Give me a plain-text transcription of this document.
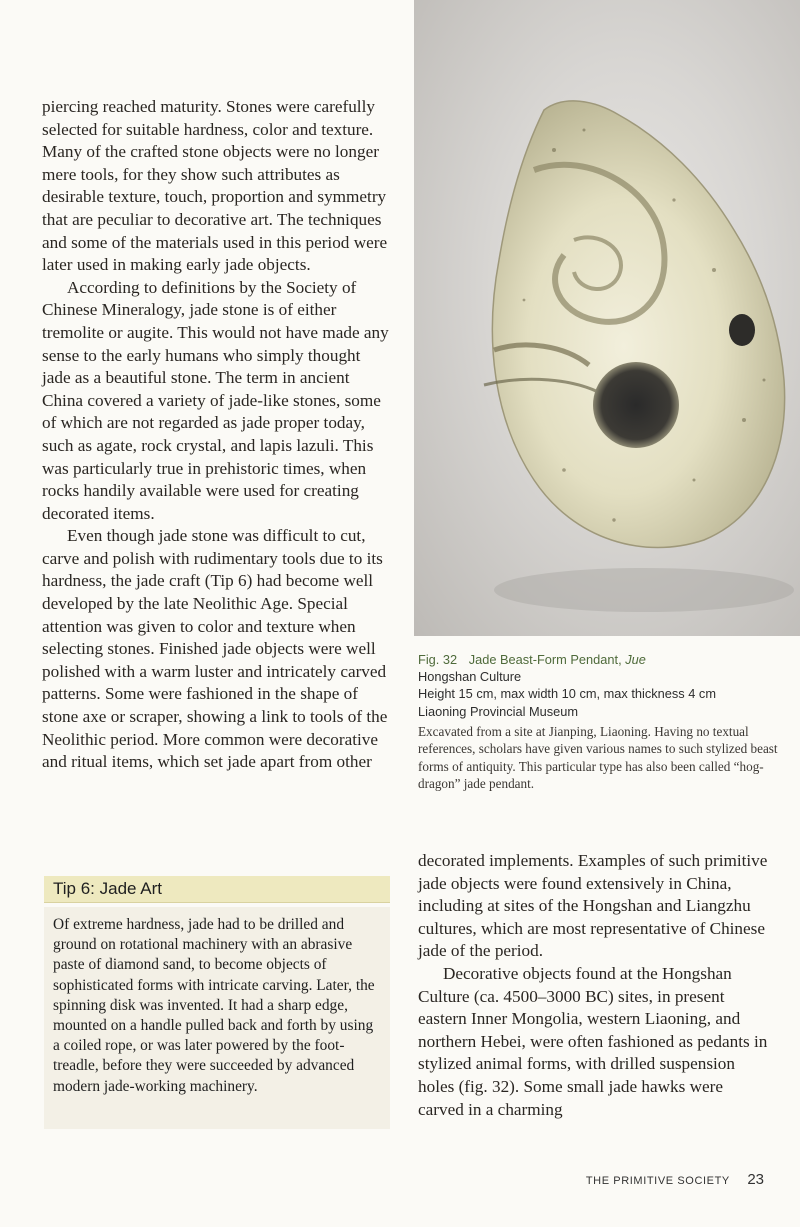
piercing reached maturity. Stones were carefully selected for suitable hardness, color and texture. Many of the crafted stone objects were no longer mere tools, for they show such attributes as desirable texture, touch, proportion and symmetry that are peculiar to decorative art. The techniques and some of the materials used in this period were later used in making early jade objects.

According to definitions by the Society of Chinese Mineralogy, jade stone is of either tremolite or augite. This would not have made any sense to the early humans who simply thought jade as a beautiful stone. The term in ancient China covered a variety of jade-like stones, some of which are not regarded as jade proper today, such as agate, rock crystal, and lapis lazuli. This was particularly true in prehistoric times, when rocks handily available were used for creating decorated items.

Even though jade stone was difficult to cut, carve and polish with rudimentary tools due to its hardness, the jade craft (Tip 6) had become well developed by the late Neolithic Age. Special attention was given to color and texture when selecting stones. Finished jade objects were well polished with a warm luster and intricately carved patterns. Some were fashioned in the shape of stone axe or scraper, showing a link to tools of the Neolithic period. More common were decorative and ritual items, which set jade apart from other

Fig. 32 Jade Beast-Form Pendant, Jue
Hongshan Culture
Height 15 cm, max width 10 cm, max thickness 4 cm
Liaoning Provincial Museum
Excavated from a site at Jianping, Liaoning. Having no textual references, scholars have given various names to such stylized beast forms of antiquity. This particular type has also been called “hog-dragon” jade pendant.
Tip 6: Jade Art
Of extreme hardness, jade had to be drilled and ground on rotational machinery with an abrasive paste of diamond sand, to become objects of sophisticated forms with intricate carving. Later, the spinning disk was invented. It had a sharp edge, mounted on a handle pulled back and forth by using a coiled rope, or was later powered by the foot-treadle, before they were succeeded by advanced modern jade-working machinery.

decorated implements. Examples of such primitive jade objects were found extensively in China, including at sites of the Hongshan and Liangzhu cultures, which are most representative of Chinese jade of the period.

Decorative objects found at the Hongshan Culture (ca. 4500–3000 BC) sites, in present eastern Inner Mongolia, western Liaoning, and northern Hebei, were often fashioned as pedants in stylized animal forms, with drilled suspension holes (fig. 32). Some small jade hawks were carved in a charming

THE PRIMITIVE SOCIETY 23
